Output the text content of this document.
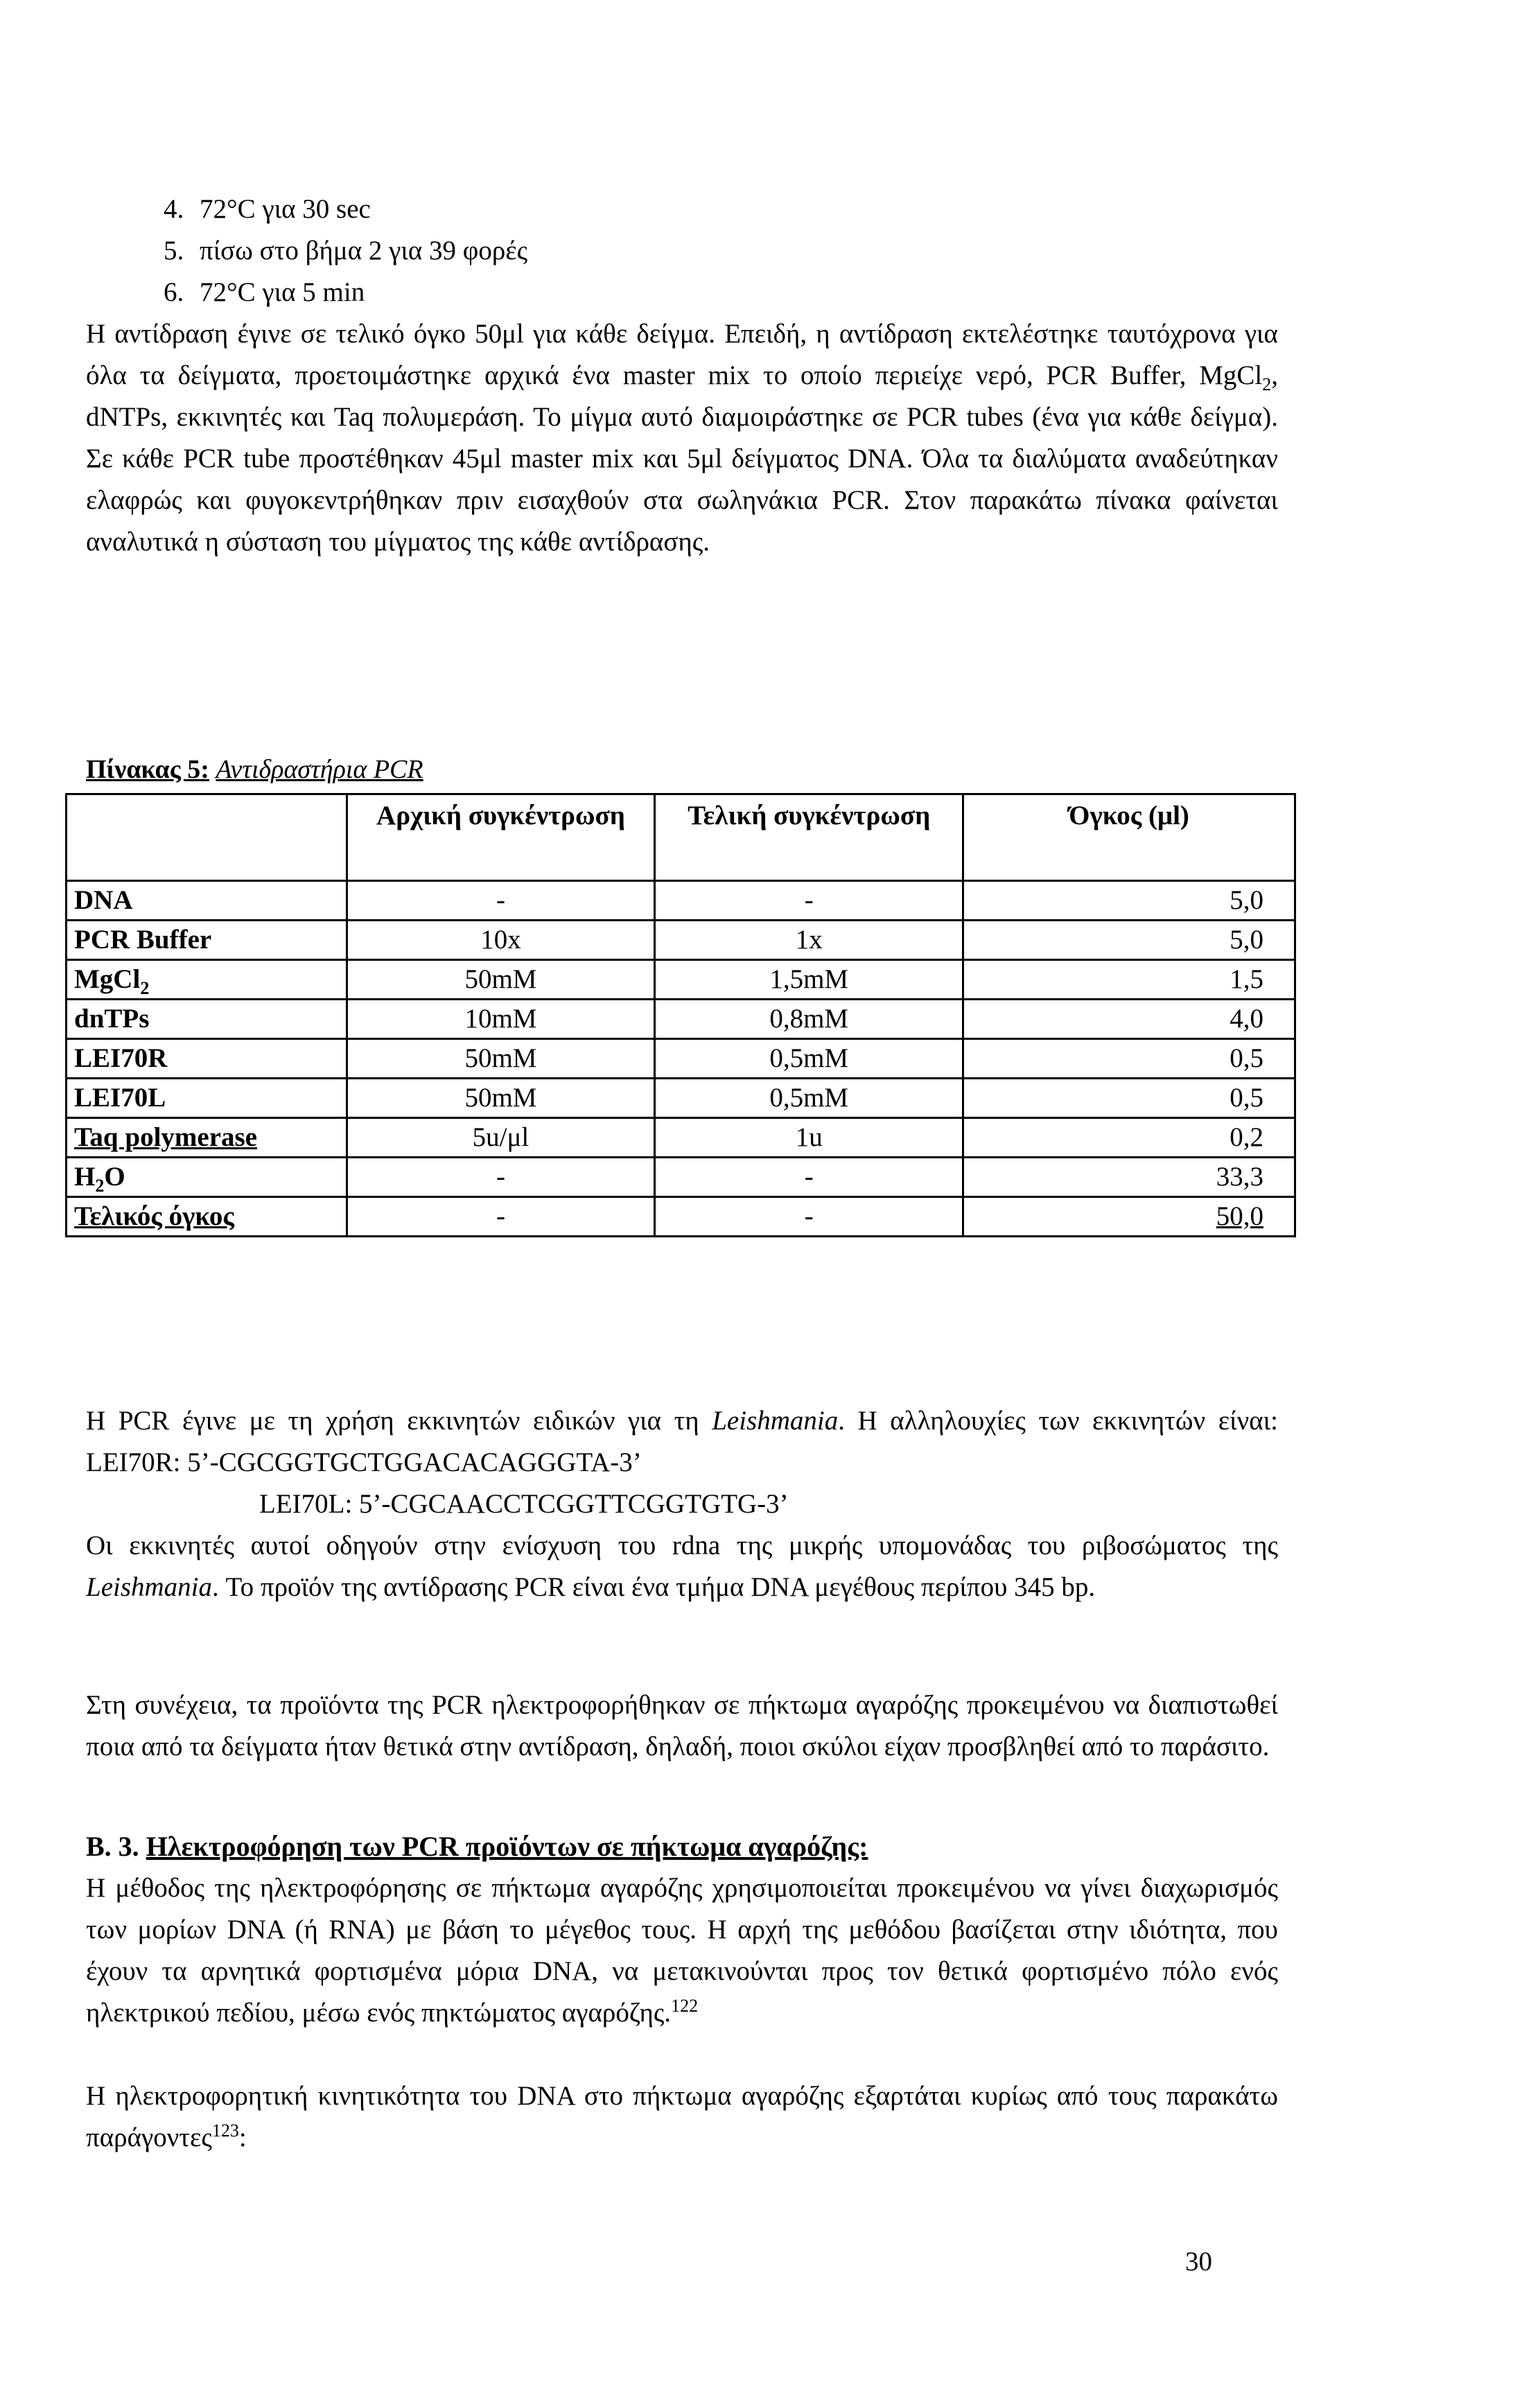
4. 72°C για 30 sec
5. πίσω στο βήμα 2 για 39 φορές
6. 72°C για 5 min

Η αντίδραση έγινε σε τελικό όγκο 50μl για κάθε δείγμα. Επειδή, η αντίδραση εκτελέστηκε ταυτόχρονα για όλα τα δείγματα, προετοιμάστηκε αρχικά ένα master mix το οποίο περιείχε νερό, PCR Buffer, MgCl$_2$, dNTPs, εκκινητές και Taq πολυμεράση. Το μίγμα αυτό διαμοιράστηκε σε PCR tubes (ένα για κάθε δείγμα). Σε κάθε PCR tube προστέθηκαν 45μl master mix και 5μl δείγματος DNA. Όλα τα διαλύματα αναδεύτηκαν ελαφρώς και φυγοκεντρήθηκαν πριν εισαχθούν στα σωληνάκια PCR. Στον παρακάτω πίνακα φαίνεται αναλυτικά η σύσταση του μίγματος της κάθε αντίδρασης.

Πίνακας 5: Αντιδραστήρια PCR
	Αρχική συγκέντρωση	Τελική συγκέντρωση	Όγκος (μl)
DNA	-	-	5,0
PCR Buffer	10x	1x	5,0
MgCl$_2$	50mM	1,5mM	1,5
dnTPs	10mM	0,8mM	4,0
LEI70R	50mM	0,5mM	0,5
LEI70L	50mM	0,5mM	0,5
Taq polymerase	5u/μl	1u	0,2
$H_2O$	-	-	33,3
Τελικός όγκος	-	-	50,0

Η PCR έγινε με τη χρήση εκκινητών ειδικών για τη Leishmania. Η αλληλουχίες των εκκινητών είναι: LEI70R: 5’-CGCGGTGCTGGACACAGGGTA-3’
LEI70L: 5’-CGCAACCTCGGTTCGGTGTG-3’
Οι εκκινητές αυτοί οδηγούν στην ενίσχυση του rdna της μικρής υπομονάδας του ριβοσώματος της Leishmania. Το προϊόν της αντίδρασης PCR είναι ένα τμήμα DNA μεγέθους περίπου 345 bp.

Στη συνέχεια, τα προϊόντα της PCR ηλεκτροφορήθηκαν σε πήκτωμα αγαρόζης προκειμένου να διαπιστωθεί ποια από τα δείγματα ήταν θετικά στην αντίδραση, δηλαδή, ποιοι σκύλοι είχαν προσβληθεί από το παράσιτο.

Β. 3. Ηλεκτροφόρηση των PCR προϊόντων σε πήκτωμα αγαρόζης:

Η μέθοδος της ηλεκτροφόρησης σε πήκτωμα αγαρόζης χρησιμοποιείται προκειμένου να γίνει διαχωρισμός των μορίων DNA (ή RNA) με βάση το μέγεθος τους. Η αρχή της μεθόδου βασίζεται στην ιδιότητα, που έχουν τα αρνητικά φορτισμένα μόρια DNA, να μετακινούνται προς τον θετικά φορτισμένο πόλο ενός ηλεκτρικού πεδίου, μέσω ενός πηκτώματος αγαρόζης.$^{122}$

Η ηλεκτροφορητική κινητικότητα του DNA στο πήκτωμα αγαρόζης εξαρτάται κυρίως από τους παρακάτω παράγοντες$^{123}$:

30
